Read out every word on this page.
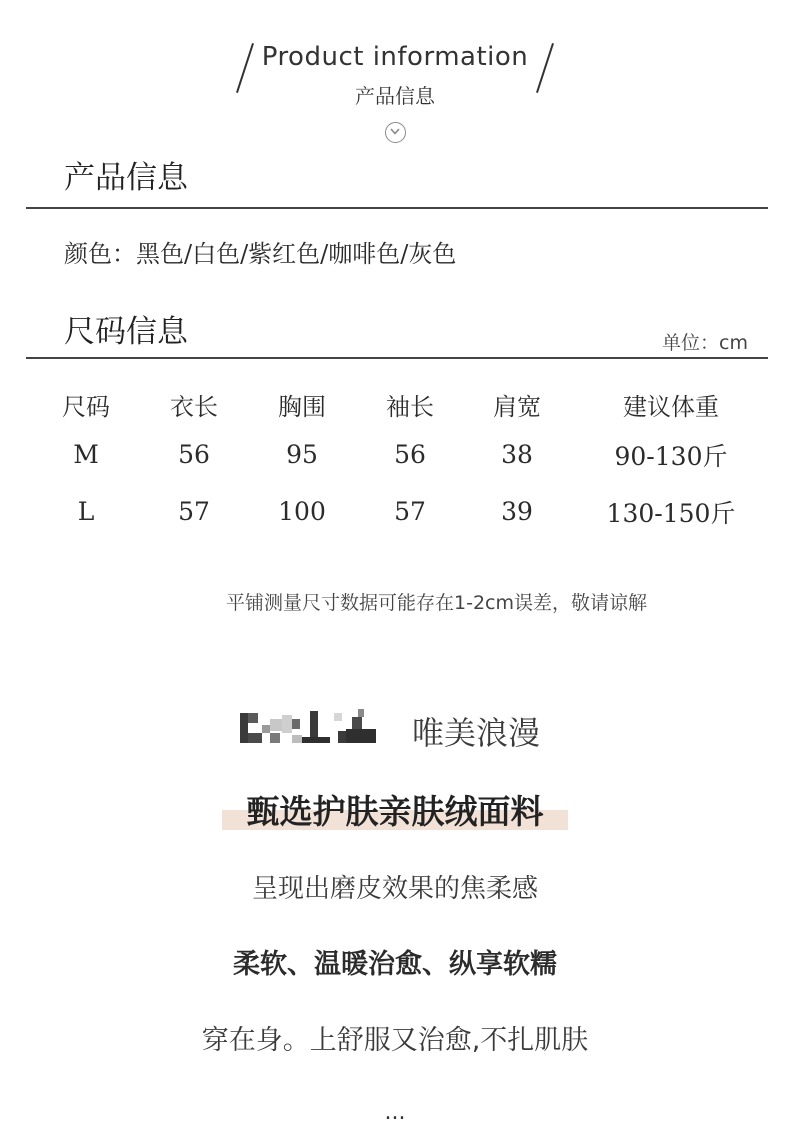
Product information
产品信息
产品信息
颜色：黑色/白色/紫红色/咖啡色/灰色
尺码信息	单位：cm
尺码	衣长	胸围	袖长	肩宽	建议体重
M	56	95	56	38	90-130斤
L	57	100	57	39	130-150斤
平铺测量尺寸数据可能存在1-2cm误差，敬请谅解
唯美浪漫
甄选护肤亲肤绒面料
呈现出磨皮效果的焦柔感
柔软、温暖治愈、纵享软糯
穿在身。上舒服又治愈,不扎肌肤
...
